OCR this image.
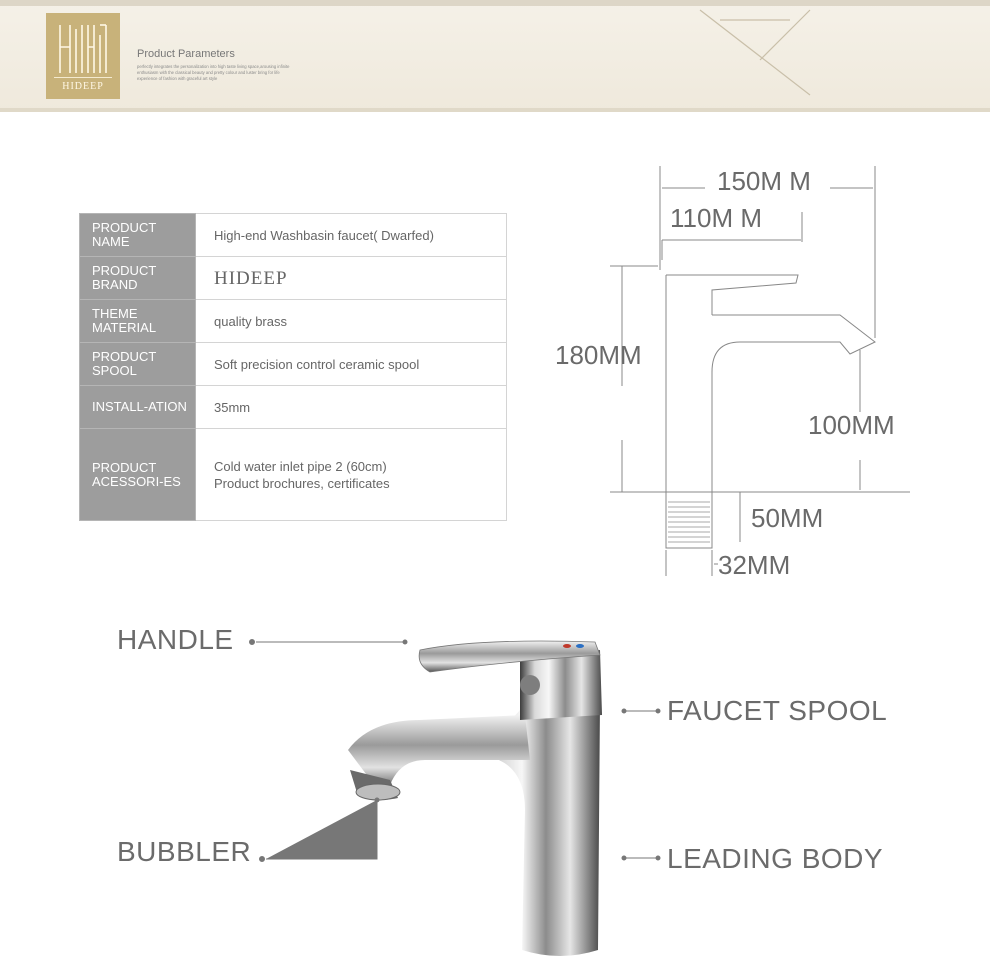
HIDEEP
Product Parameters
perfectly integrates the personalization into high taste living space,arousing infinite enthusiasm with the classical beauty and pretty colour and luster bring for life experience of fashion with graceful art style
PRODUCT NAME	High-end Washbasin faucet( Dwarfed)

PRODUCT BRAND	HIDEEP

THEME MATERIAL	quality brass

PRODUCT SPOOL	Soft precision control ceramic spool

INSTALL-ATION	35mm

PRODUCT ACESSORI-ES	Cold water inlet pipe 2 (60cm)
Product brochures, certificates
150M M
110M M
180MM
100MM
50MM
32MM
HANDLE
FAUCET SPOOL
BUBBLER	LEADING BODY
